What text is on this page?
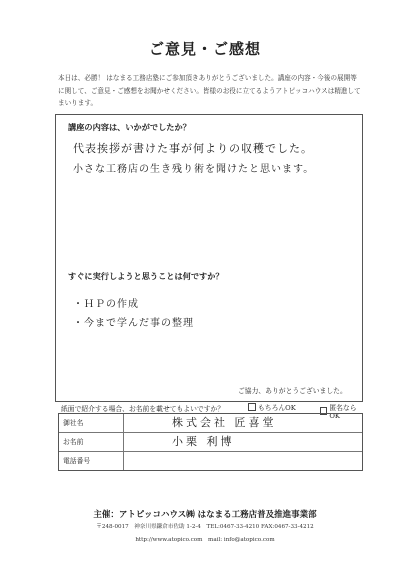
ご意見・ご感想
本日は、必勝！ はなまる工務店塾にご参加頂きありがとうございました。講座の内容・今後の展開等に関して、ご意見・ご感想をお聞かせください。皆様のお役に立てるようアトピッコハウスは精進してまいります。
講座の内容は、いかがでしたか？
代表挨拶が書けた事が何よりの収穫でした。
小さな工務店の生き残り術を聞けたと思います。
すぐに実行しようと思うことは何ですか？
・ＨＰの作成
・今まで学んだ事の整理
ご協力、ありがとうございました。
紙面で紹介する場合、お名前を載せてもよいですか？	もちろんOK	匿名ならOK
御社名	株式会社 匠喜堂
お名前	小栗 利博
電話番号
主催：アトピッコハウス㈱ はなまる工務店普及推進事業部
〒248-0017　神奈川県鎌倉市佐助 1-2-4　TEL:0467-33-4210 FAX:0467-33-4212
http://www.atopico.com　mail: info@atopico.com
